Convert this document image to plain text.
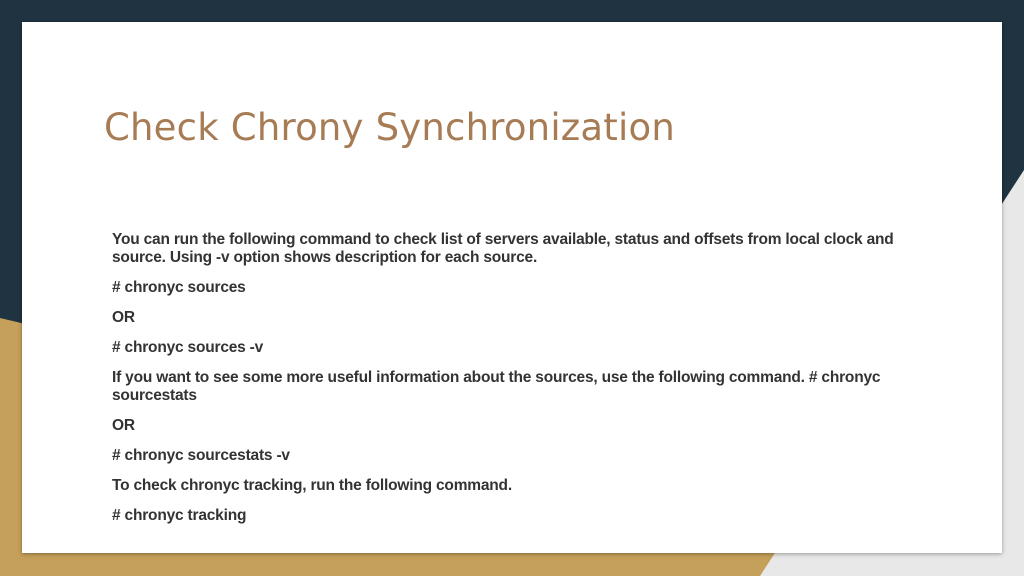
Check Chrony Synchronization

You can run the following command to check list of servers available, status and offsets from local clock and source. Using -v option shows description for each source.

# chronyc sources

OR

# chronyc sources -v

If you want to see some more useful information about the sources, use the following command. # chronyc sourcestats

OR

# chronyc sourcestats -v

To check chronyc tracking, run the following command.

# chronyc tracking
